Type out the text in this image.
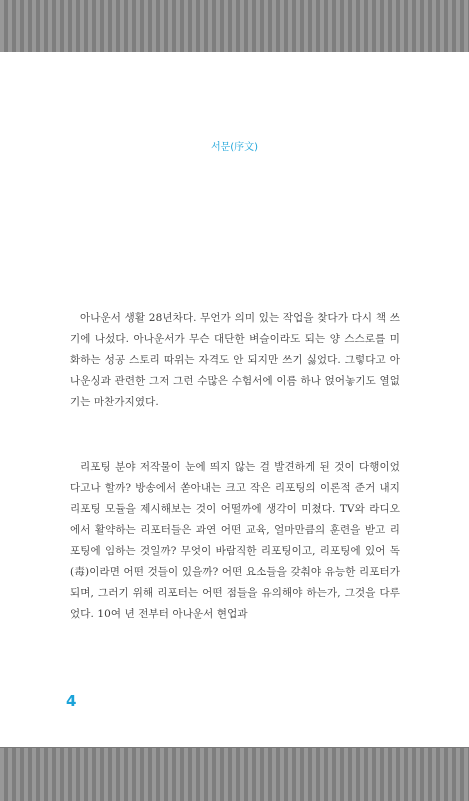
서문(序文)

아나운서 생활 28년차다. 무언가 의미 있는 작업을 찾다가 다시 책 쓰기에 나섰다. 아나운서가 무슨 대단한 벼슬이라도 되는 양 스스로를 미화하는 성공 스토리 따위는 자격도 안 되지만 쓰기 싫었다. 그렇다고 아나운싱과 관련한 그저 그런 수많은 수험서에 이름 하나 얹어놓기도 열없기는 마찬가지였다.

리포팅 분야 저작물이 눈에 띄지 않는 걸 발견하게 된 것이 다행이었다고나 할까? 방송에서 쏟아내는 크고 작은 리포팅의 이론적 준거 내지 리포팅 모듈을 제시해보는 것이 어떨까에 생각이 미쳤다. TV와 라디오에서 활약하는 리포터들은 과연 어떤 교육, 얼마만큼의 훈련을 받고 리포팅에 임하는 것일까? 무엇이 바람직한 리포팅이고, 리포팅에 있어 독(毒)이라면 어떤 것들이 있을까? 어떤 요소들을 갖춰야 유능한 리포터가 되며, 그러기 위해 리포터는 어떤 점들을 유의해야 하는가, 그것을 다루었다. 10여 년 전부터 아나운서 현업과

4
